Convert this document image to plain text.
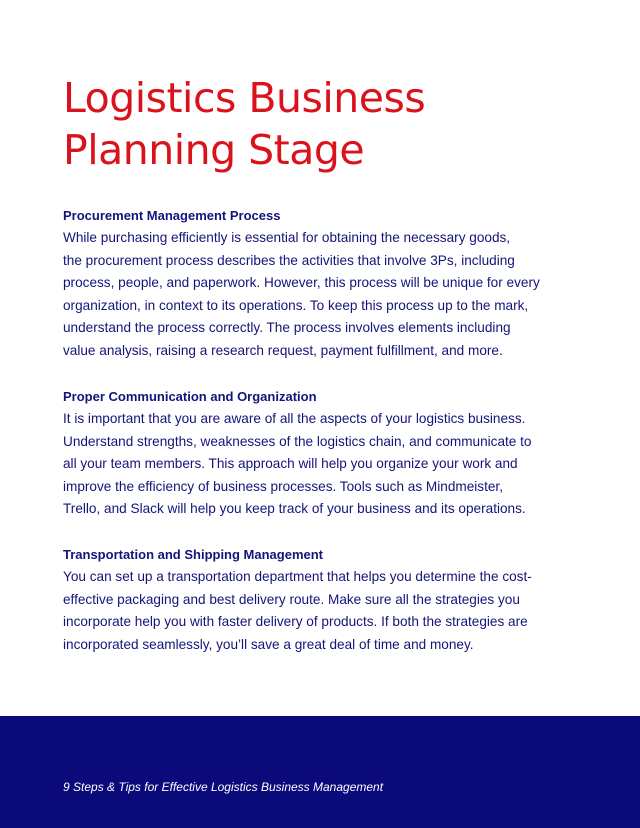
Logistics Business
Planning Stage
Procurement Management Process
While purchasing efficiently is essential for obtaining the necessary goods,
the procurement process describes the activities that involve 3Ps, including
process, people, and paperwork. However, this process will be unique for every
organization, in context to its operations. To keep this process up to the mark,
understand the process correctly. The process involves elements including
value analysis, raising a research request, payment fulfillment, and more.
Proper Communication and Organization
It is important that you are aware of all the aspects of your logistics business.
Understand strengths, weaknesses of the logistics chain, and communicate to
all your team members. This approach will help you organize your work and
improve the efficiency of business processes. Tools such as Mindmeister,
Trello, and Slack will help you keep track of your business and its operations.
Transportation and Shipping Management
You can set up a transportation department that helps you determine the cost-
effective packaging and best delivery route. Make sure all the strategies you
incorporate help you with faster delivery of products. If both the strategies are
incorporated seamlessly, you’ll save a great deal of time and money.
9 Steps & Tips for Effective Logistics Business Management
